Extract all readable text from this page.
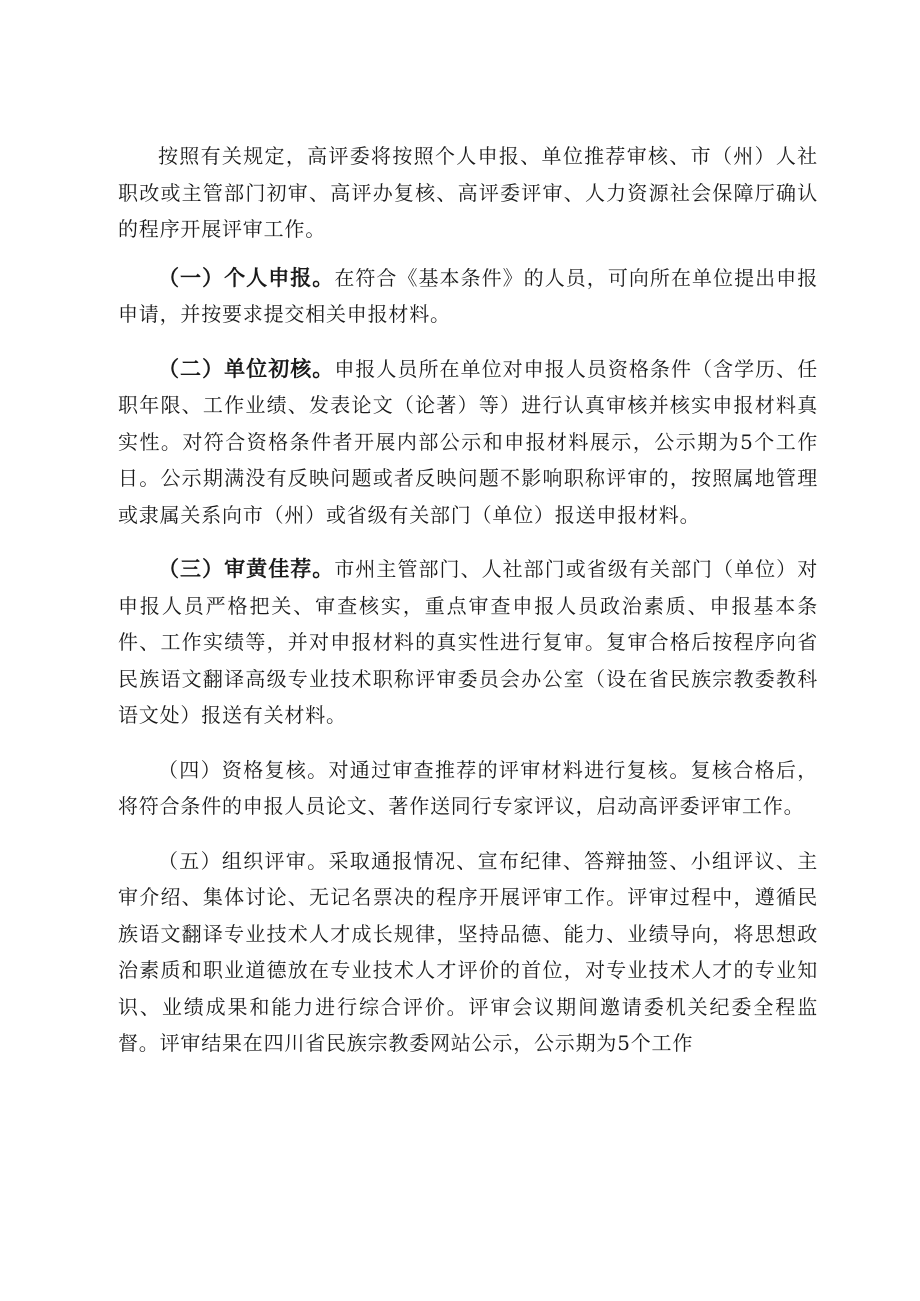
按照有关规定，高评委将按照个人申报、单位推荐审核、市（州）人社职改或主管部门初审、高评办复核、高评委评审、人力资源社会保障厅确认的程序开展评审工作。

（一）个人申报。在符合《基本条件》的人员，可向所在单位提出申报申请，并按要求提交相关申报材料。

（二）单位初核。申报人员所在单位对申报人员资格条件（含学历、任职年限、工作业绩、发表论文（论著）等）进行认真审核并核实申报材料真实性。对符合资格条件者开展内部公示和申报材料展示，公示期为5个工作日。公示期满没有反映问题或者反映问题不影响职称评审的，按照属地管理或隶属关系向市（州）或省级有关部门（单位）报送申报材料。

（三）审黄佳荐。市州主管部门、人社部门或省级有关部门（单位）对申报人员严格把关、审查核实，重点审查申报人员政治素质、申报基本条件、工作实绩等，并对申报材料的真实性进行复审。复审合格后按程序向省民族语文翻译高级专业技术职称评审委员会办公室（设在省民族宗教委教科语文处）报送有关材料。

（四）资格复核。对通过审查推荐的评审材料进行复核。复核合格后，将符合条件的申报人员论文、著作送同行专家评议，启动高评委评审工作。

（五）组织评审。采取通报情况、宣布纪律、答辩抽签、小组评议、主审介绍、集体讨论、无记名票决的程序开展评审工作。评审过程中，遵循民族语文翻译专业技术人才成长规律，坚持品德、能力、业绩导向，将思想政治素质和职业道德放在专业技术人才评价的首位，对专业技术人才的专业知识、业绩成果和能力进行综合评价。评审会议期间邀请委机关纪委全程监督。评审结果在四川省民族宗教委网站公示，公示期为5个工作
